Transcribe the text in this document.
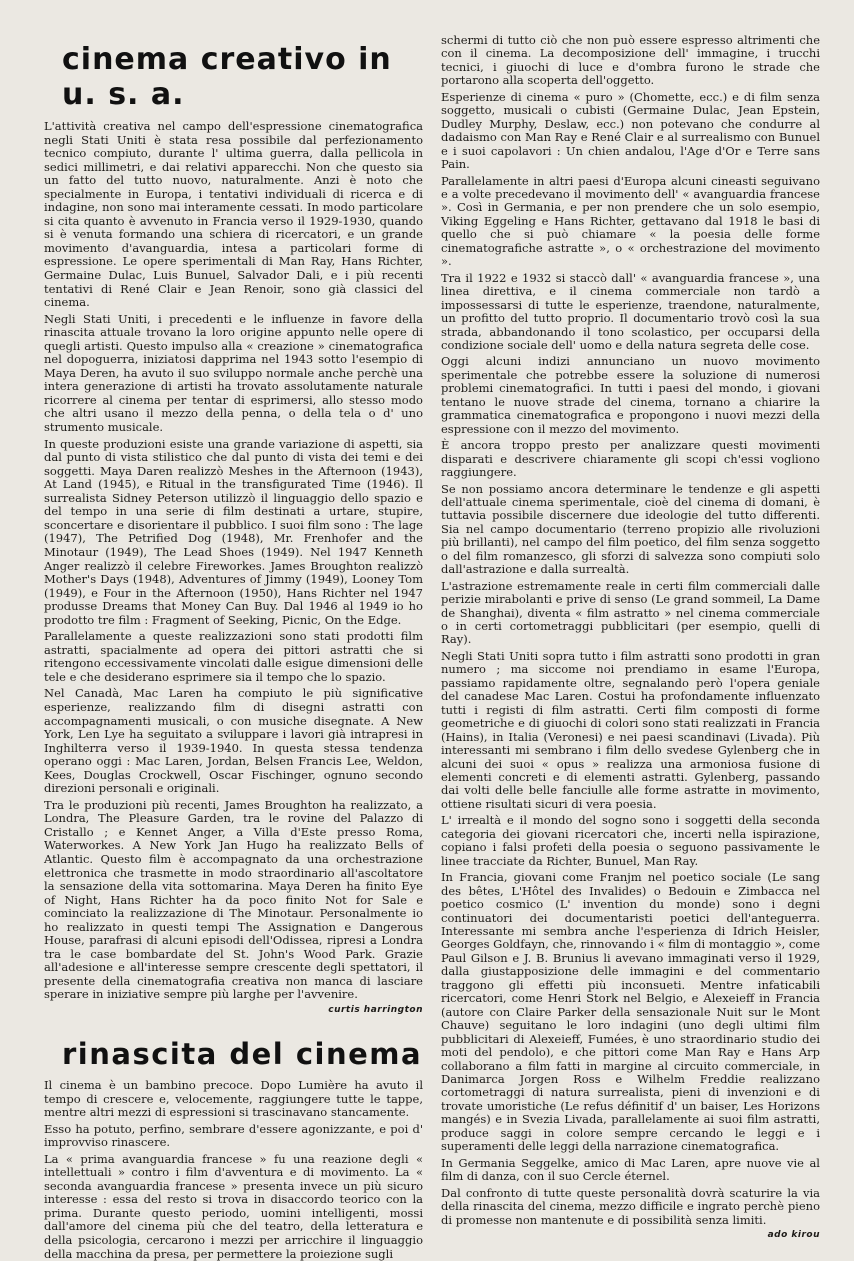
cinema creativo in u. s. a.

L'attività creativa nel campo dell'espressione cinematografica negli Stati Uniti è stata resa possibile dal perfezionamento tecnico compiuto, durante l' ultima guerra, dalla pellicola in sedici millimetri, e dai relativi apparecchi. Non che questo sia un fatto del tutto nuovo, naturalmente. Anzi è noto che specialmente in Europa, i tentativi individuali di ricerca e di indagine, non sono mai interamente cessati. In modo particolare si cita quanto è avvenuto in Francia verso il 1929-1930, quando si è venuta formando una schiera di ricercatori, e un grande movimento d'avanguardia, intesa a particolari forme di espressione. Le opere sperimentali di Man Ray, Hans Richter, Germaine Dulac, Luis Bunuel, Salvador Dali, e i più recenti tentativi di René Clair e Jean Renoir, sono già classici del cinema.

Negli Stati Uniti, i precedenti e le influenze in favore della rinascita attuale trovano la loro origine appunto nelle opere di quegli artisti. Questo impulso alla « creazione » cinematografica nel dopoguerra, iniziatosi dapprima nel 1943 sotto l'esempio di Maya Deren, ha avuto il suo sviluppo normale anche perchè una intera generazione di artisti ha trovato assolutamente naturale ricorrere al cinema per tentar di esprimersi, allo stesso modo che altri usano il mezzo della penna, o della tela o d' uno strumento musicale.

In queste produzioni esiste una grande variazione di aspetti, sia dal punto di vista stilistico che dal punto di vista dei temi e dei soggetti. Maya Daren realizzò Meshes in the Afternoon (1943), At Land (1945), e Ritual in the transfigurated Time (1946). Il surrealista Sidney Peterson utilizzò il linguaggio dello spazio e del tempo in una serie di film destinati a urtare, stupire, sconcertare e disorientare il pubblico. I suoi film sono : The lage (1947), The Petrified Dog (1948), Mr. Frenhofer and the Minotaur (1949), The Lead Shoes (1949). Nel 1947 Kenneth Anger realizzò il celebre Fireworkes. James Broughton realizzò Mother's Days (1948), Adventures of Jimmy (1949), Looney Tom (1949), e Four in the Afternoon (1950), Hans Richter nel 1947 produsse Dreams that Money Can Buy. Dal 1946 al 1949 io ho prodotto tre film : Fragment of Seeking, Picnic, On the Edge.

Parallelamente a queste realizzazioni sono stati prodotti film astratti, spacialmente ad opera dei pittori astratti che si ritengono eccessivamente vincolati dalle esigue dimensioni delle tele e che desiderano esprimere sia il tempo che lo spazio.

Nel Canadà, Mac Laren ha compiuto le più significative esperienze, realizzando film di disegni astratti con accompagnamenti musicali, o con musiche disegnate. A New York, Len Lye ha seguitato a sviluppare i lavori già intrapresi in Inghilterra verso il 1939-1940. In questa stessa tendenza operano oggi : Mac Laren, Jordan, Belsen Francis Lee, Weldon, Kees, Douglas Crockwell, Oscar Fischinger, ognuno secondo direzioni personali e originali.

Tra le produzioni più recenti, James Broughton ha realizzato, a Londra, The Pleasure Garden, tra le rovine del Palazzo di Cristallo ; e Kennet Anger, a Villa d'Este presso Roma, Waterworkes. A New York Jan Hugo ha realizzato Bells of Atlantic. Questo film è accompagnato da una orchestrazione elettronica che trasmette in modo straordinario all'ascoltatore la sensazione della vita sottomarina. Maya Deren ha finito Eye of Night, Hans Richter ha da poco finito Not for Sale e cominciato la realizzazione di The Minotaur. Personalmente io ho realizzato in questi tempi The Assignation e Dangerous House, parafrasi di alcuni episodi dell'Odissea, ripresi a Londra tra le case bombardate del St. John's Wood Park. Grazie all'adesione e all'interesse sempre crescente degli spettatori, il presente della cinematografia creativa non manca di lasciare sperare in iniziative sempre più larghe per l'avvenire.

curtis harrington
rinascita del cinema

Il cinema è un bambino precoce. Dopo Lumière ha avuto il tempo di crescere e, velocemente, raggiungere tutte le tappe, mentre altri mezzi di espressioni si trascinavano stancamente.

Esso ha potuto, perfino, sembrare d'essere agonizzante, e poi d' improvviso rinascere.

La « prima avanguardia francese » fu una reazione degli « intellettuali » contro i film d'avventura e di movimento. La « seconda avanguardia francese » presenta invece un più sicuro interesse : essa del resto si trova in disaccordo teorico con la prima. Durante questo periodo, uomini intelligenti, mossi dall'amore del cinema più che del teatro, della letteratura e della psicologia, cercarono i mezzi per arricchire il linguaggio della macchina da presa, per permettere la proiezione sugli

schermi di tutto ciò che non può essere espresso altrimenti che con il cinema. La decomposizione dell' immagine, i trucchi tecnici, i giuochi di luce e d'ombra furono le strade che portarono alla scoperta dell'oggetto.

Esperienze di cinema « puro » (Chomette, ecc.) e di film senza soggetto, musicali o cubisti (Germaine Dulac, Jean Epstein, Dudley Murphy, Deslaw, ecc.) non potevano che condurre al dadaismo con Man Ray e René Clair e al surrealismo con Bunuel e i suoi capolavori : Un chien andalou, l'Age d'Or e Terre sans Pain.

Parallelamente in altri paesi d'Europa alcuni cineasti seguivano e a volte precedevano il movimento dell' « avanguardia francese ». Così in Germania, e per non prendere che un solo esempio, Viking Eggeling e Hans Richter, gettavano dal 1918 le basi di quello che si può chiamare « la poesia delle forme cinematografiche astratte », o « orchestrazione del movimento ».

Tra il 1922 e 1932 si staccò dall' « avanguardia francese », una linea direttiva, e il cinema commerciale non tardò a impossessarsi di tutte le esperienze, traendone, naturalmente, un profitto del tutto proprio. Il documentario trovò così la sua strada, abbandonando il tono scolastico, per occuparsi della condizione sociale dell' uomo e della natura segreta delle cose.

Oggi alcuni indizi annunciano un nuovo movimento sperimentale che potrebbe essere la soluzione di numerosi problemi cinematografici. In tutti i paesi del mondo, i giovani tentano le nuove strade del cinema, tornano a chiarire la grammatica cinematografica e propongono i nuovi mezzi della espressione con il mezzo del movimento.

È ancora troppo presto per analizzare questi movimenti disparati e descrivere chiaramente gli scopi ch'essi vogliono raggiungere.

Se non possiamo ancora determinare le tendenze e gli aspetti dell'attuale cinema sperimentale, cioè del cinema di domani, è tuttavia possibile discernere due ideologie del tutto differenti. Sia nel campo documentario (terreno propizio alle rivoluzioni più brillanti), nel campo del film poetico, del film senza soggetto o del film romanzesco, gli sforzi di salvezza sono compiuti solo dall'astrazione e dalla surrealtà.

L'astrazione estremamente reale in certi film commerciali dalle perizie mirabolanti e prive di senso (Le grand sommeil, La Dame de Shanghai), diventa « film astratto » nel cinema commerciale o in certi cortometraggi pubblicitari (per esempio, quelli di Ray).

Negli Stati Uniti sopra tutto i film astratti sono prodotti in gran numero ; ma siccome noi prendiamo in esame l'Europa, passiamo rapidamente oltre, segnalando però l'opera geniale del canadese Mac Laren. Costui ha profondamente influenzato tutti i registi di film astratti. Certi film composti di forme geometriche e di giuochi di colori sono stati realizzati in Francia (Hains), in Italia (Veronesi) e nei paesi scandinavi (Livada). Più interessanti mi sembrano i film dello svedese Gylenberg che in alcuni dei suoi « opus » realizza una armoniosa fusione di elementi concreti e di elementi astratti. Gylenberg, passando dai volti delle belle fanciulle alle forme astratte in movimento, ottiene risultati sicuri di vera poesia.

L' irrealtà e il mondo del sogno sono i soggetti della seconda categoria dei giovani ricercatori che, incerti nella ispirazione, copiano i falsi profeti della poesia o seguono passivamente le linee tracciate da Richter, Bunuel, Man Ray.

In Francia, giovani come Franjm nel poetico sociale (Le sang des bêtes, L'Hôtel des Invalides) o Bedouin e Zimbacca nel poetico cosmico (L' invention du monde) sono i degni continuatori dei documentaristi poetici dell'anteguerra. Interessante mi sembra anche l'esperienza di Idrich Heisler, Georges Goldfayn, che, rinnovando i « film di montaggio », come Paul Gilson e J. B. Brunius li avevano immaginati verso il 1929, dalla giustapposizione delle immagini e del commentario traggono gli effetti più inconsueti. Mentre infaticabili ricercatori, come Henri Stork nel Belgio, e Alexeieff in Francia (autore con Claire Parker della sensazionale Nuit sur le Mont Chauve) seguitano le loro indagini (uno degli ultimi film pubblicitari di Alexeieff, Fumées, è uno straordinario studio dei moti del pendolo), e che pittori come Man Ray e Hans Arp collaborano a film fatti in margine al circuito commerciale, in Danimarca Jorgen Ross e Wilhelm Freddie realizzano cortometraggi di natura surrealista, pieni di invenzioni e di trovate umoristiche (Le refus définitif d' un baiser, Les Horizons mangés) e in Svezia Livada, parallelamente ai suoi film astratti, produce saggi in colore sempre cercando le leggi e i superamenti delle leggi della narrazione cinematografica.

In Germania Seggelke, amico di Mac Laren, apre nuove vie al film di danza, con il suo Cercle éternel.

Dal confronto di tutte queste personalità dovrà scaturire la via della rinascita del cinema, mezzo difficile e ingrato perchè pieno di promesse non mantenute e di possibilità senza limiti.

ado kirou
